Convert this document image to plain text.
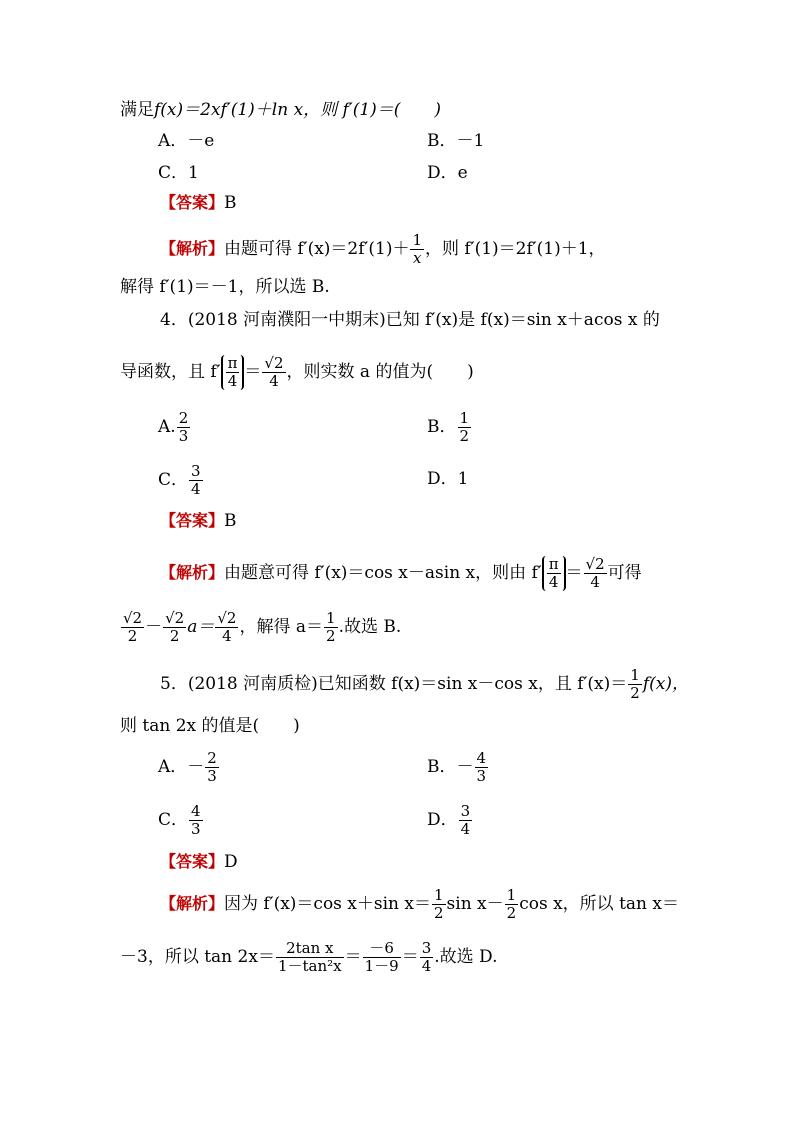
满足f(x)＝2xf′(1)＋ln x，则 f′(1)＝(　　)
A．－e	B．－1
C．1	D．e
【答案】B
【解析】由题可得 $f'(x)=2f'(1)+ \frac{1}{x}$ ，则 f′(1)＝2f′(1)＋1，
解得 f′(1)＝－1，所以选 B.
4．(2018 河南濮阳一中期末)已知 f′(x)是 f(x)＝sin x＋acos x 的
导函数，且 $f' \frac{\pi}{4} = \frac{√2}{4}$ ，则实数 a 的值为(　　)
A. $\frac{2}{3}$	B． $\frac{1}{2}$
C． $\frac{3}{4}$	D．1
【答案】B
【解析】由题意可得 f′(x)＝cos x－asin x，则由 $f' \frac{\pi}{4} = \frac{√2}{4}$ 可得
$\frac{√2}{2} - \frac{√2}{2} a= \frac{√2}{4}$ ，解得 $a= \frac{1}{2}$ .故选 B.
5．(2018 河南质检)已知函数 f(x)＝sin x－cos x，且 $f'(x)= \frac{1}{2} f(x)$，
则 tan 2x 的值是(　　)
A．－ $\frac{2}{3}$	B．－ $\frac{4}{3}$
C． $\frac{4}{3}$	D． $\frac{3}{4}$
【答案】D
【解析】因为 f′(x)＝cos x＋sin $x= \frac{1}{2}$ $\sin x- \frac{1}{2}$ cos x，所以 tan x＝
－3，所以 $\tan 2x= \frac{\text{2tan x}}{\text{1－tan²x}} = \frac{-6}{1-9} = \frac{3}{4}$ .故选 D.
